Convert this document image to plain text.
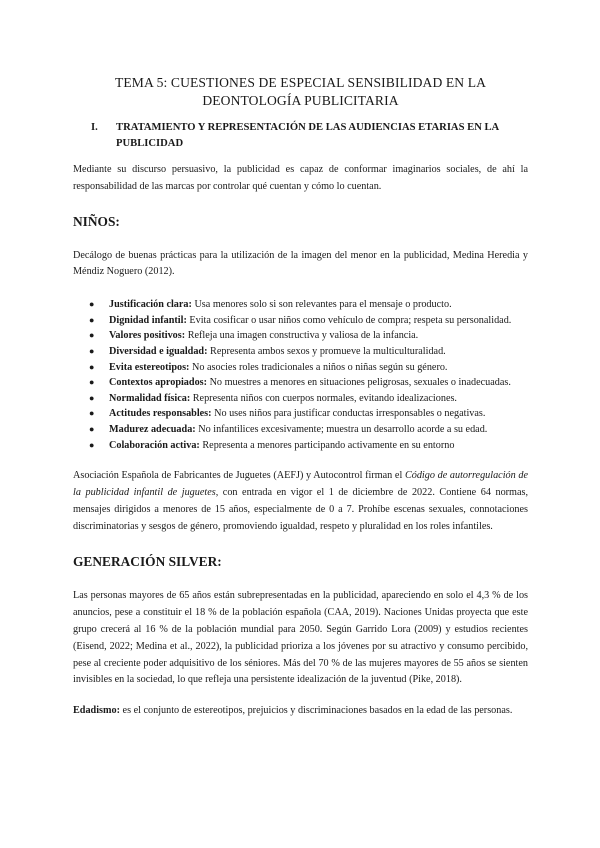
TEMA 5: CUESTIONES DE ESPECIAL SENSIBILIDAD EN LA DEONTOLOGÍA PUBLICITARIA
I.	TRATAMIENTO Y REPRESENTACIÓN DE LAS AUDIENCIAS ETARIAS EN LA PUBLICIDAD

Mediante su discurso persuasivo, la publicidad es capaz de conformar imaginarios sociales, de ahí la responsabilidad de las marcas por controlar qué cuentan y cómo lo cuentan.

NIÑOS:

Decálogo de buenas prácticas para la utilización de la imagen del menor en la publicidad, Medina Heredia y Méndiz Noguero (2012).

● Justificación clara: Usa menores solo si son relevantes para el mensaje o producto.
● Dignidad infantil: Evita cosificar o usar niños como vehículo de compra; respeta su personalidad.
● Valores positivos: Refleja una imagen constructiva y valiosa de la infancia.
● Diversidad e igualdad: Representa ambos sexos y promueve la multiculturalidad.
● Evita estereotipos: No asocies roles tradicionales a niños o niñas según su género.
● Contextos apropiados: No muestres a menores en situaciones peligrosas, sexuales o inadecuadas.
● Normalidad física: Representa niños con cuerpos normales, evitando idealizaciones.
● Actitudes responsables: No uses niños para justificar conductas irresponsables o negativas.
● Madurez adecuada: No infantilices excesivamente; muestra un desarrollo acorde a su edad.
● Colaboración activa: Representa a menores participando activamente en su entorno

Asociación Española de Fabricantes de Juguetes (AEFJ) y Autocontrol firman el Código de autorregulación de la publicidad infantil de juguetes, con entrada en vigor el 1 de diciembre de 2022. Contiene 64 normas, mensajes dirigidos a menores de 15 años, especialmente de 0 a 7. Prohíbe escenas sexuales, connotaciones discriminatorias y sesgos de género, promoviendo igualdad, respeto y pluralidad en los roles infantiles.

GENERACIÓN SILVER:

Las personas mayores de 65 años están subrepresentadas en la publicidad, apareciendo en solo el 4,3 % de los anuncios, pese a constituir el 18 % de la población española (CAA, 2019). Naciones Unidas proyecta que este grupo crecerá al 16 % de la población mundial para 2050. Según Garrido Lora (2009) y estudios recientes (Eisend, 2022; Medina et al., 2022), la publicidad prioriza a los jóvenes por su atractivo y consumo percibido, pese al creciente poder adquisitivo de los séniores. Más del 70 % de las mujeres mayores de 55 años se sienten invisibles en la sociedad, lo que refleja una persistente idealización de la juventud (Pike, 2018).

Edadismo: es el conjunto de estereotipos, prejuicios y discriminaciones basados en la edad de las personas.
